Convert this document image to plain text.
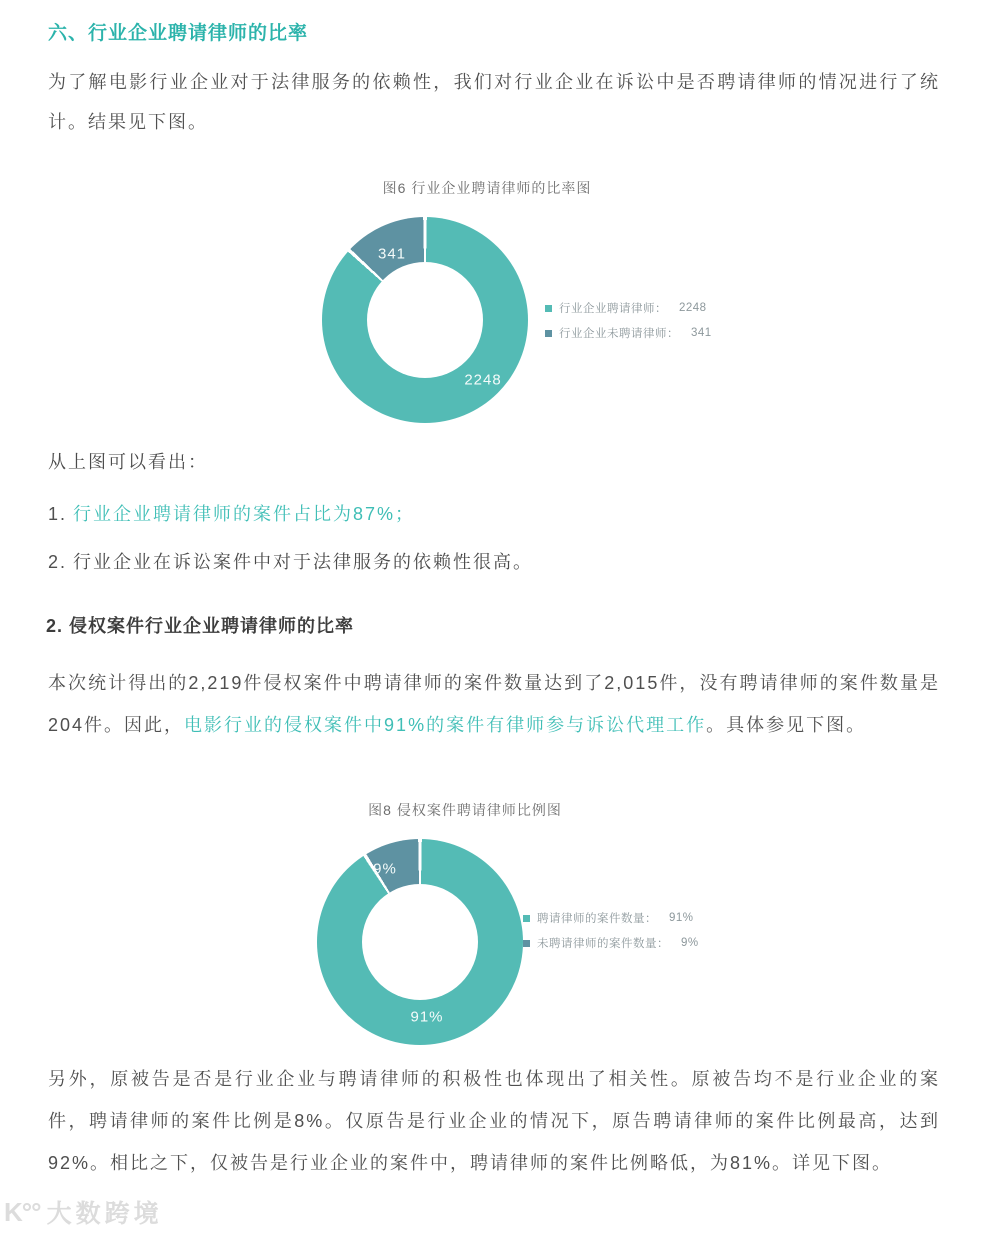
六、行业企业聘请律师的比率

为了解电影行业企业对于法律服务的依赖性，我们对行业企业在诉讼中是否聘请律师的情况进行了统计。结果见下图。

图6 行业企业聘请律师的比率图
341
2248
行业企业聘请律师： 2248
行业企业未聘请律师： 341

从上图可以看出：

1. 行业企业聘请律师的案件占比为87%；

2. 行业企业在诉讼案件中对于法律服务的依赖性很高。

2. 侵权案件行业企业聘请律师的比率

本次统计得出的2,219件侵权案件中聘请律师的案件数量达到了2,015件，没有聘请律师的案件数量是204件。因此，电影行业的侵权案件中91%的案件有律师参与诉讼代理工作。具体参见下图。

图8 侵权案件聘请律师比例图
9%
91%
聘请律师的案件数量： 91%
未聘请律师的案件数量： 9%

另外，原被告是否是行业企业与聘请律师的积极性也体现出了相关性。原被告均不是行业企业的案件，聘请律师的案件比例是8%。仅原告是行业企业的情况下，原告聘请律师的案件比例最高，达到92%。相比之下，仅被告是行业企业的案件中，聘请律师的案件比例略低，为81%。详见下图。

K°° 大数跨境
